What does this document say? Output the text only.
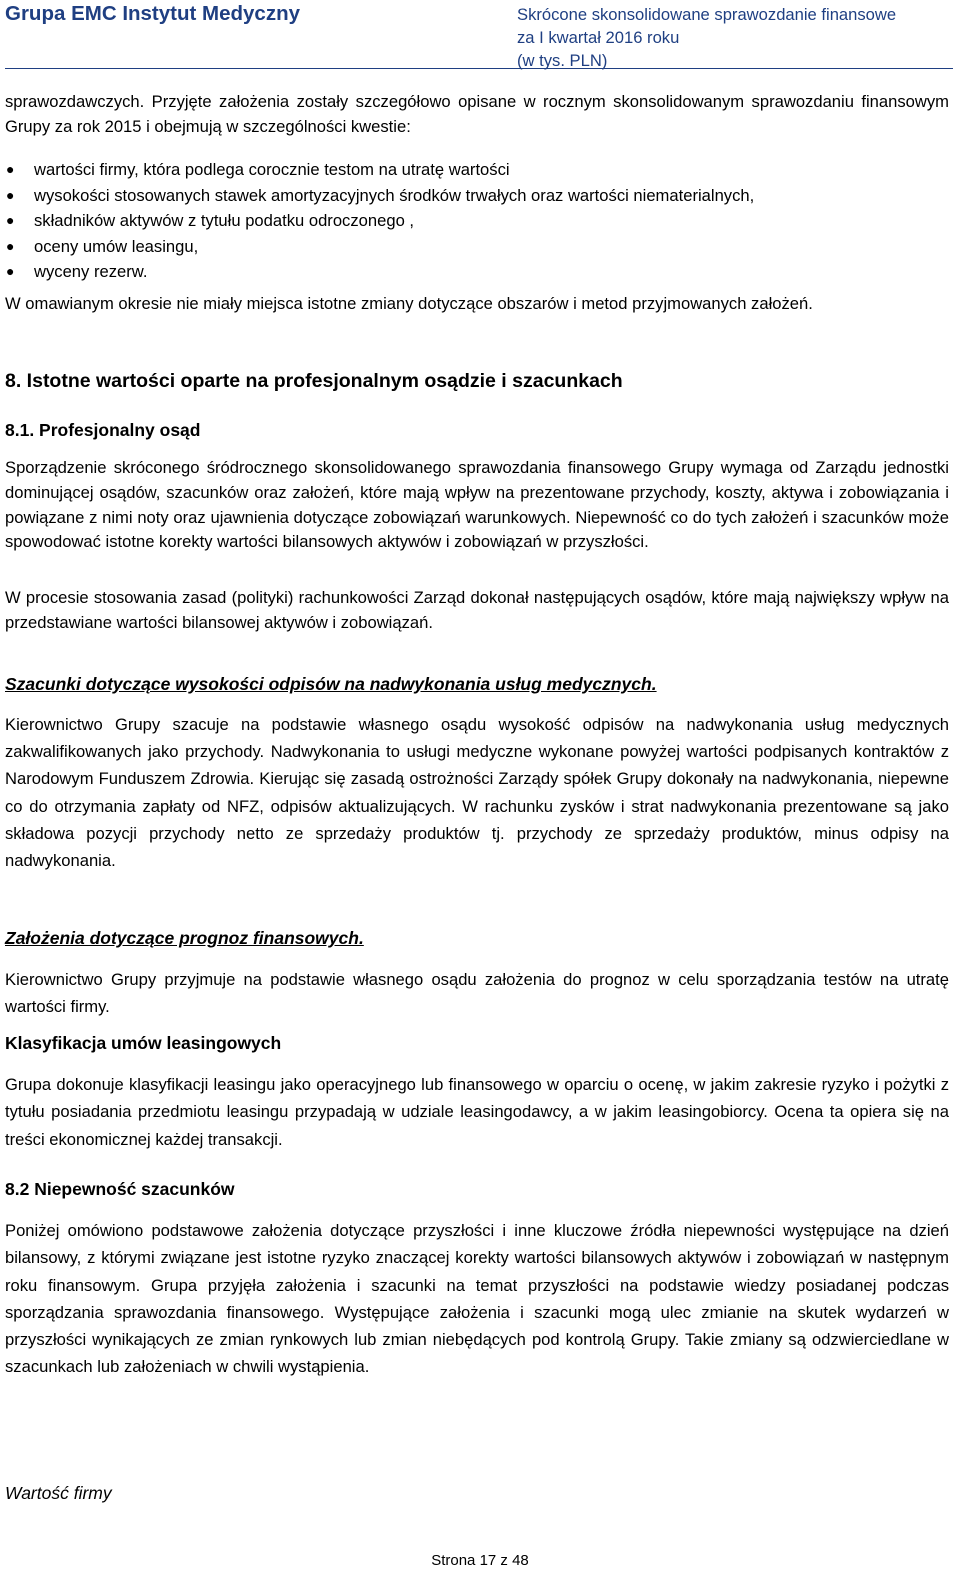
Grupa EMC Instytut Medyczny	Skrócone skonsolidowane sprawozdanie finansowe
za I kwartał 2016 roku
(w tys. PLN)
sprawozdawczych. Przyjęte założenia zostały szczegółowo opisane w rocznym skonsolidowanym sprawozdaniu finansowym Grupy za rok 2015 i obejmują w szczególności kwestie:
● wartości firmy, która podlega corocznie testom na utratę wartości
● wysokości stosowanych stawek amortyzacyjnych środków trwałych oraz wartości niematerialnych,
● składników aktywów z tytułu podatku odroczonego ,
● oceny umów leasingu,
● wyceny rezerw.
W omawianym okresie nie miały miejsca istotne zmiany dotyczące obszarów i metod przyjmowanych założeń.
8. Istotne wartości oparte na profesjonalnym osądzie i szacunkach
8.1. Profesjonalny osąd
Sporządzenie skróconego śródrocznego skonsolidowanego sprawozdania finansowego Grupy wymaga od Zarządu jednostki dominującej osądów, szacunków oraz założeń, które mają wpływ na prezentowane przychody, koszty, aktywa i zobowiązania i powiązane z nimi noty oraz ujawnienia dotyczące zobowiązań warunkowych. Niepewność co do tych założeń i szacunków może spowodować istotne korekty wartości bilansowych aktywów i zobowiązań w przyszłości.
W procesie stosowania zasad (polityki) rachunkowości Zarząd dokonał następujących osądów, które mają największy wpływ na przedstawiane wartości bilansowej aktywów i zobowiązań.
Szacunki dotyczące wysokości odpisów na nadwykonania usług medycznych.
Kierownictwo Grupy szacuje na podstawie własnego osądu wysokość odpisów na nadwykonania usług medycznych zakwalifikowanych jako przychody. Nadwykonania to usługi medyczne wykonane powyżej wartości podpisanych kontraktów z Narodowym Funduszem Zdrowia. Kierując się zasadą ostrożności Zarządy spółek Grupy dokonały na nadwykonania, niepewne co do otrzymania zapłaty od NFZ, odpisów aktualizujących. W rachunku zysków i strat nadwykonania prezentowane są jako składowa pozycji przychody netto ze sprzedaży produktów tj. przychody ze sprzedaży produktów, minus odpisy na nadwykonania.
Założenia dotyczące prognoz finansowych.
Kierownictwo Grupy przyjmuje na podstawie własnego osądu założenia do prognoz w celu sporządzania testów na utratę wartości firmy.
Klasyfikacja umów leasingowych
Grupa dokonuje klasyfikacji leasingu jako operacyjnego lub finansowego w oparciu o ocenę, w jakim zakresie ryzyko i pożytki z tytułu posiadania przedmiotu leasingu przypadają w udziale leasingodawcy, a w jakim leasingobiorcy. Ocena ta opiera się na treści ekonomicznej każdej transakcji.
8.2 Niepewność szacunków
Poniżej omówiono podstawowe założenia dotyczące przyszłości i inne kluczowe źródła niepewności występujące na dzień bilansowy, z którymi związane jest istotne ryzyko znaczącej korekty wartości bilansowych aktywów i zobowiązań w następnym roku finansowym. Grupa przyjęła założenia i szacunki na temat przyszłości na podstawie wiedzy posiadanej podczas sporządzania sprawozdania finansowego. Występujące założenia i szacunki mogą ulec zmianie na skutek wydarzeń w przyszłości wynikających ze zmian rynkowych lub zmian niebędących pod kontrolą Grupy. Takie zmiany są odzwierciedlane w szacunkach lub założeniach w chwili wystąpienia.
Wartość firmy
Strona 17 z 48
